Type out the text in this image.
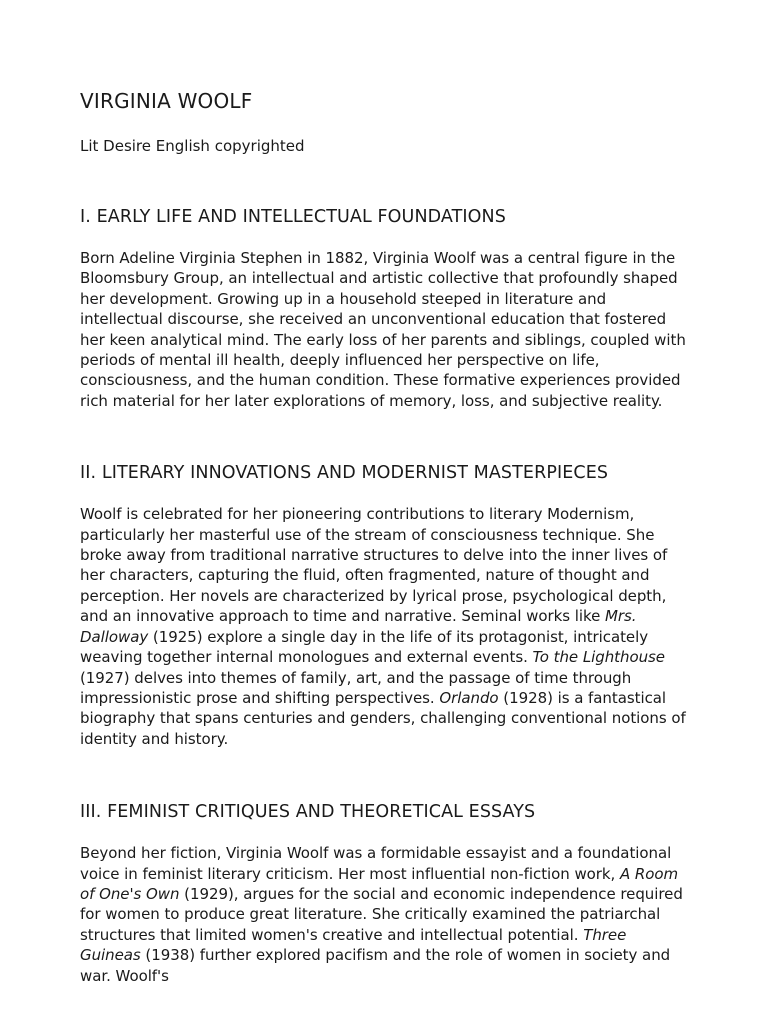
VIRGINIA WOOLF

Lit Desire English copyrighted

I. EARLY LIFE AND INTELLECTUAL FOUNDATIONS

Born Adeline Virginia Stephen in 1882, Virginia Woolf was a central figure in the Bloomsbury Group, an intellectual and artistic collective that profoundly shaped her development. Growing up in a household steeped in literature and intellectual discourse, she received an unconventional education that fostered her keen analytical mind. The early loss of her parents and siblings, coupled with periods of mental ill health, deeply influenced her perspective on life, consciousness, and the human condition. These formative experiences provided rich material for her later explorations of memory, loss, and subjective reality.

II. LITERARY INNOVATIONS AND MODERNIST MASTERPIECES

Woolf is celebrated for her pioneering contributions to literary Modernism, particularly her masterful use of the stream of consciousness technique. She broke away from traditional narrative structures to delve into the inner lives of her characters, capturing the fluid, often fragmented, nature of thought and perception. Her novels are characterized by lyrical prose, psychological depth, and an innovative approach to time and narrative. Seminal works like Mrs. Dalloway (1925) explore a single day in the life of its protagonist, intricately weaving together internal monologues and external events. To the Lighthouse (1927) delves into themes of family, art, and the passage of time through impressionistic prose and shifting perspectives. Orlando (1928) is a fantastical biography that spans centuries and genders, challenging conventional notions of identity and history.

III. FEMINIST CRITIQUES AND THEORETICAL ESSAYS

Beyond her fiction, Virginia Woolf was a formidable essayist and a foundational voice in feminist literary criticism. Her most influential non-fiction work, A Room of One's Own (1929), argues for the social and economic independence required for women to produce great literature. She critically examined the patriarchal structures that limited women's creative and intellectual potential. Three Guineas (1938) further explored pacifism and the role of women in society and war. Woolf's
